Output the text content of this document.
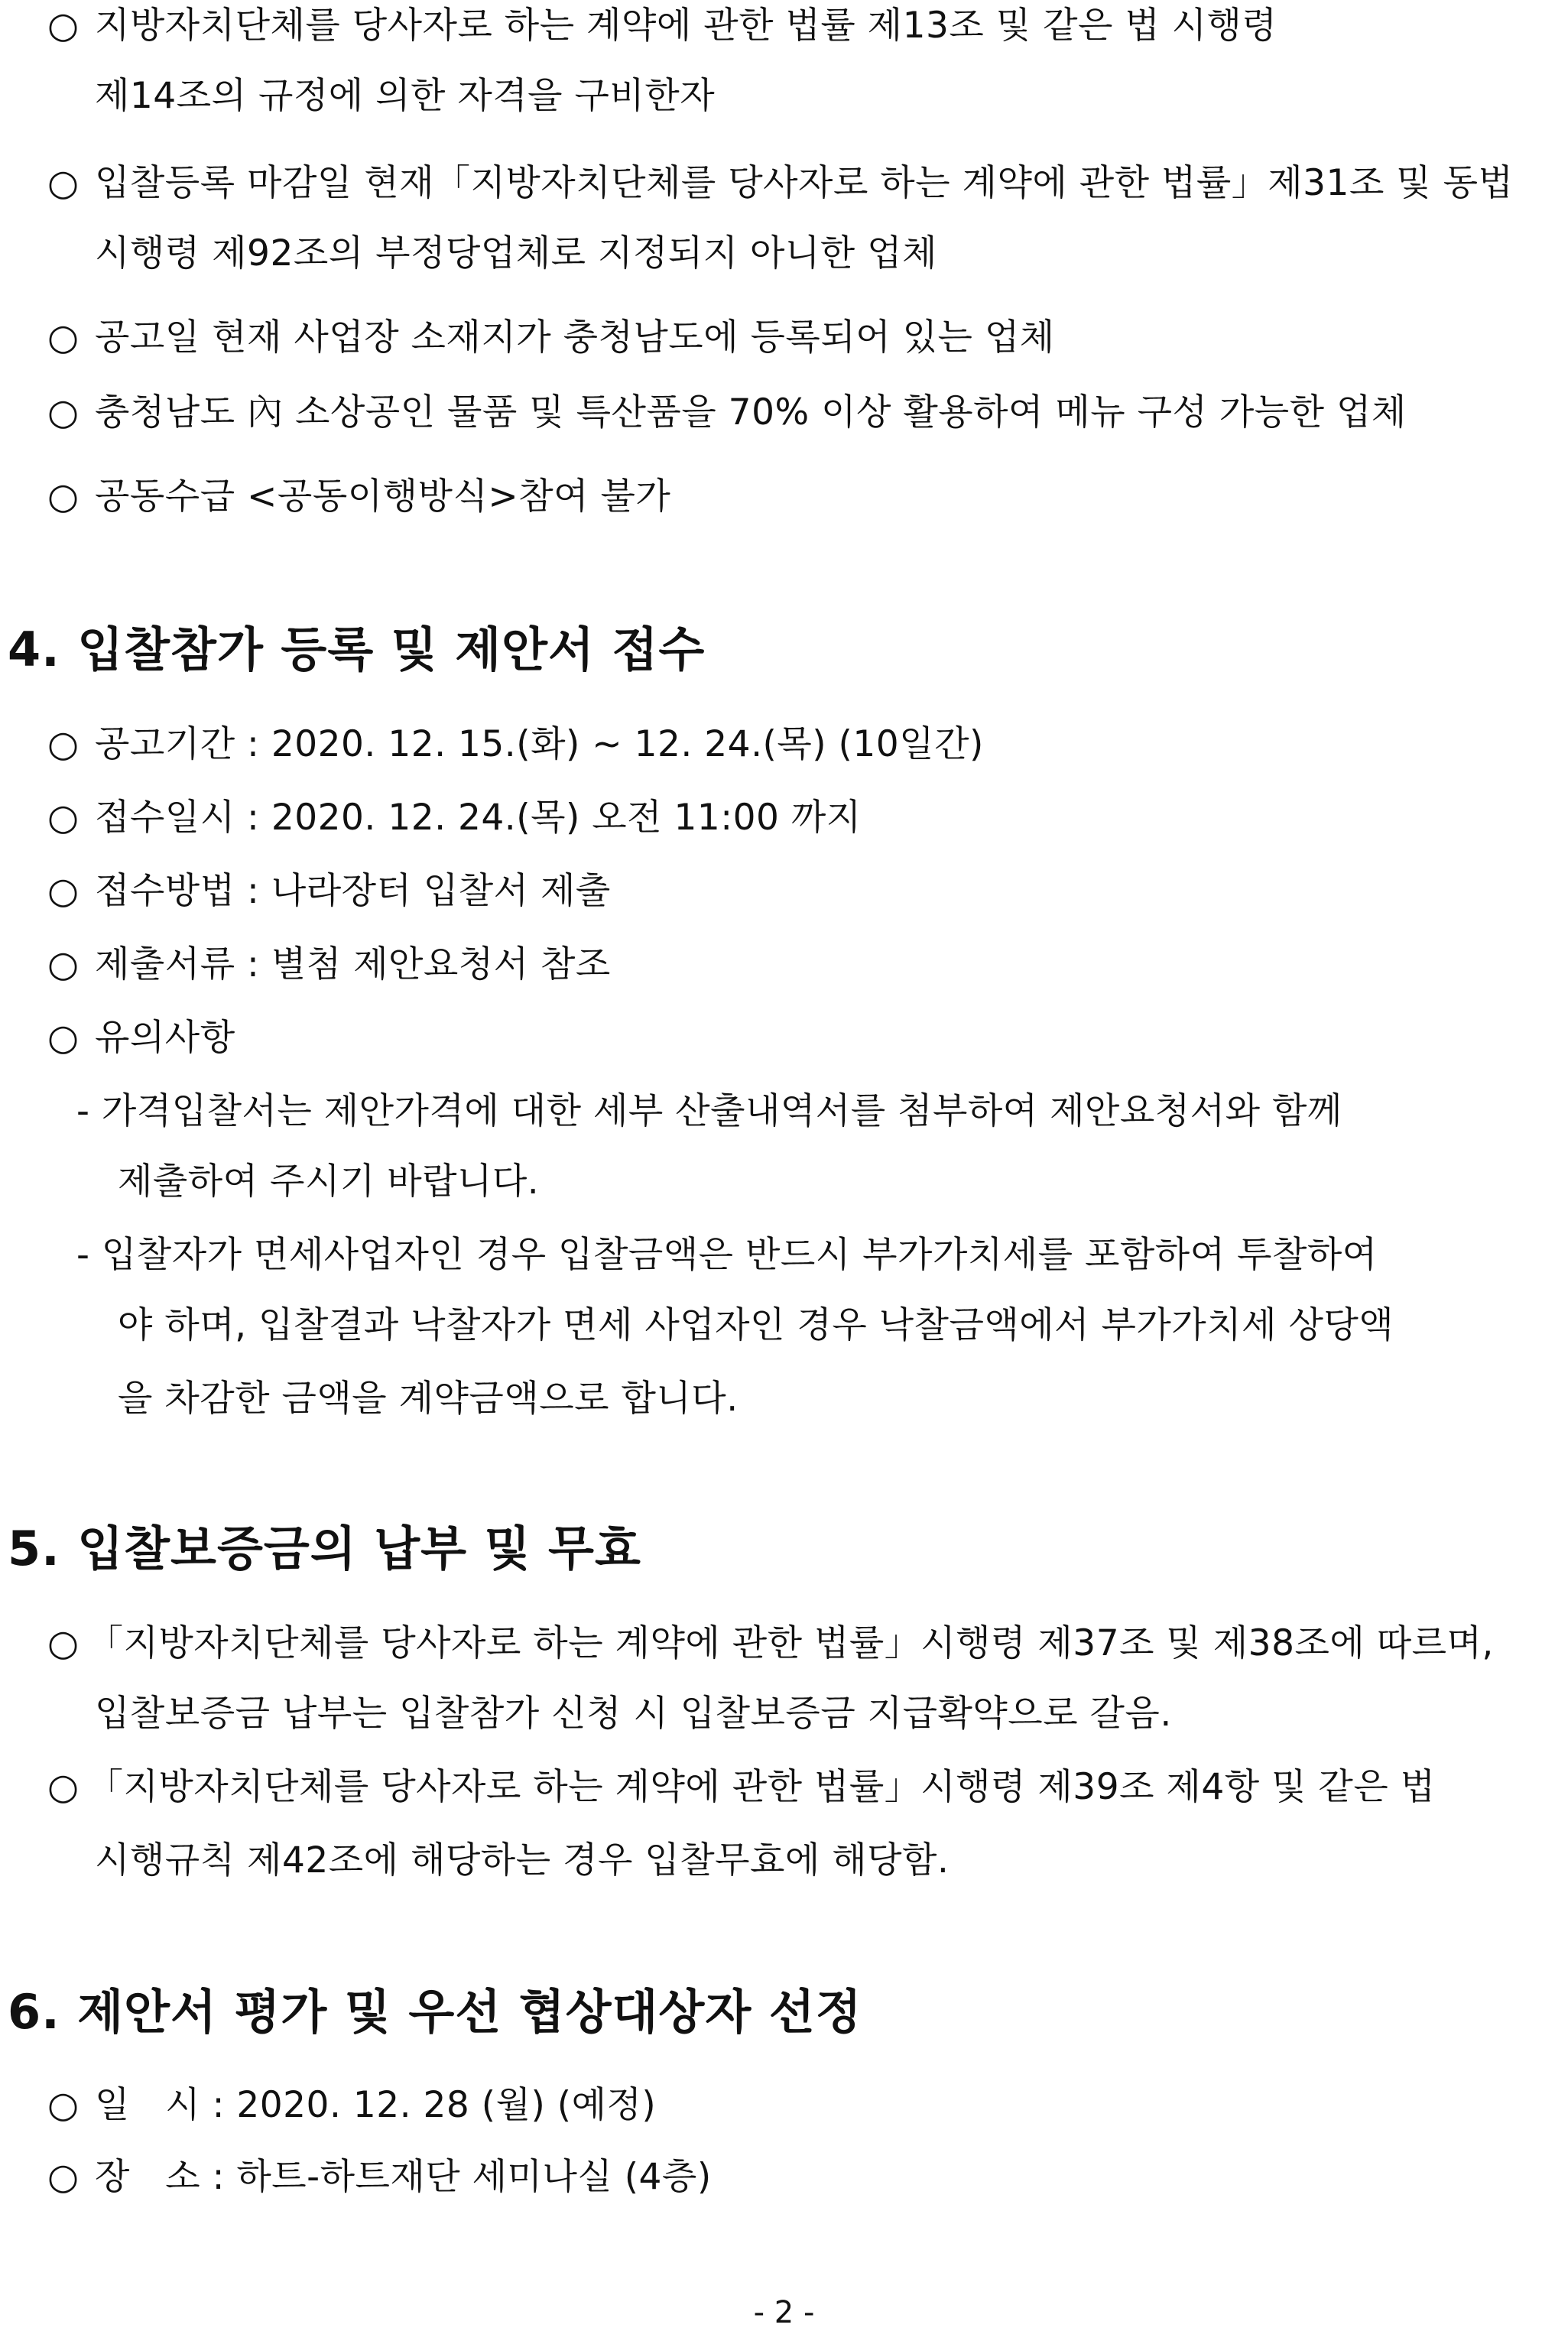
○ 지방자치단체를 당사자로 하는 계약에 관한 법률 제13조 및 같은 법 시행령
제14조의 규정에 의한 자격을 구비한자
○ 입찰등록 마감일 현재「지방자치단체를 당사자로 하는 계약에 관한 법률」제31조 및 동법
시행령 제92조의 부정당업체로 지정되지 아니한 업체
○ 공고일 현재 사업장 소재지가 충청남도에 등록되어 있는 업체
○ 충청남도 內 소상공인 물품 및 특산품을 70% 이상 활용하여 메뉴 구성 가능한 업체
○ 공동수급 <공동이행방식>참여 불가
4. 입찰참가 등록 및 제안서 접수
○ 공고기간 : 2020. 12. 15.(화) ~ 12. 24.(목) (10일간)
○ 접수일시 : 2020. 12. 24.(목) 오전 11:00 까지
○ 접수방법 : 나라장터 입찰서 제출
○ 제출서류 : 별첨 제안요청서 참조
○ 유의사항
- 가격입찰서는 제안가격에 대한 세부 산출내역서를 첨부하여 제안요청서와 함께
제출하여 주시기 바랍니다.
- 입찰자가 면세사업자인 경우 입찰금액은 반드시 부가가치세를 포함하여 투찰하여
야 하며, 입찰결과 낙찰자가 면세 사업자인 경우 낙찰금액에서 부가가치세 상당액
을 차감한 금액을 계약금액으로 합니다.
5. 입찰보증금의 납부 및 무효
○ 「지방자치단체를 당사자로 하는 계약에 관한 법률」시행령 제37조 및 제38조에 따르며,
입찰보증금 납부는 입찰참가 신청 시 입찰보증금 지급확약으로 갈음.
○ 「지방자치단체를 당사자로 하는 계약에 관한 법률」시행령 제39조 제4항 및 같은 법
시행규칙 제42조에 해당하는 경우 입찰무효에 해당함.
6. 제안서 평가 및 우선 협상대상자 선정
○ 일   시 : 2020. 12. 28 (월) (예정)
○ 장   소 : 하트-하트재단 세미나실 (4층)
- 2 -
